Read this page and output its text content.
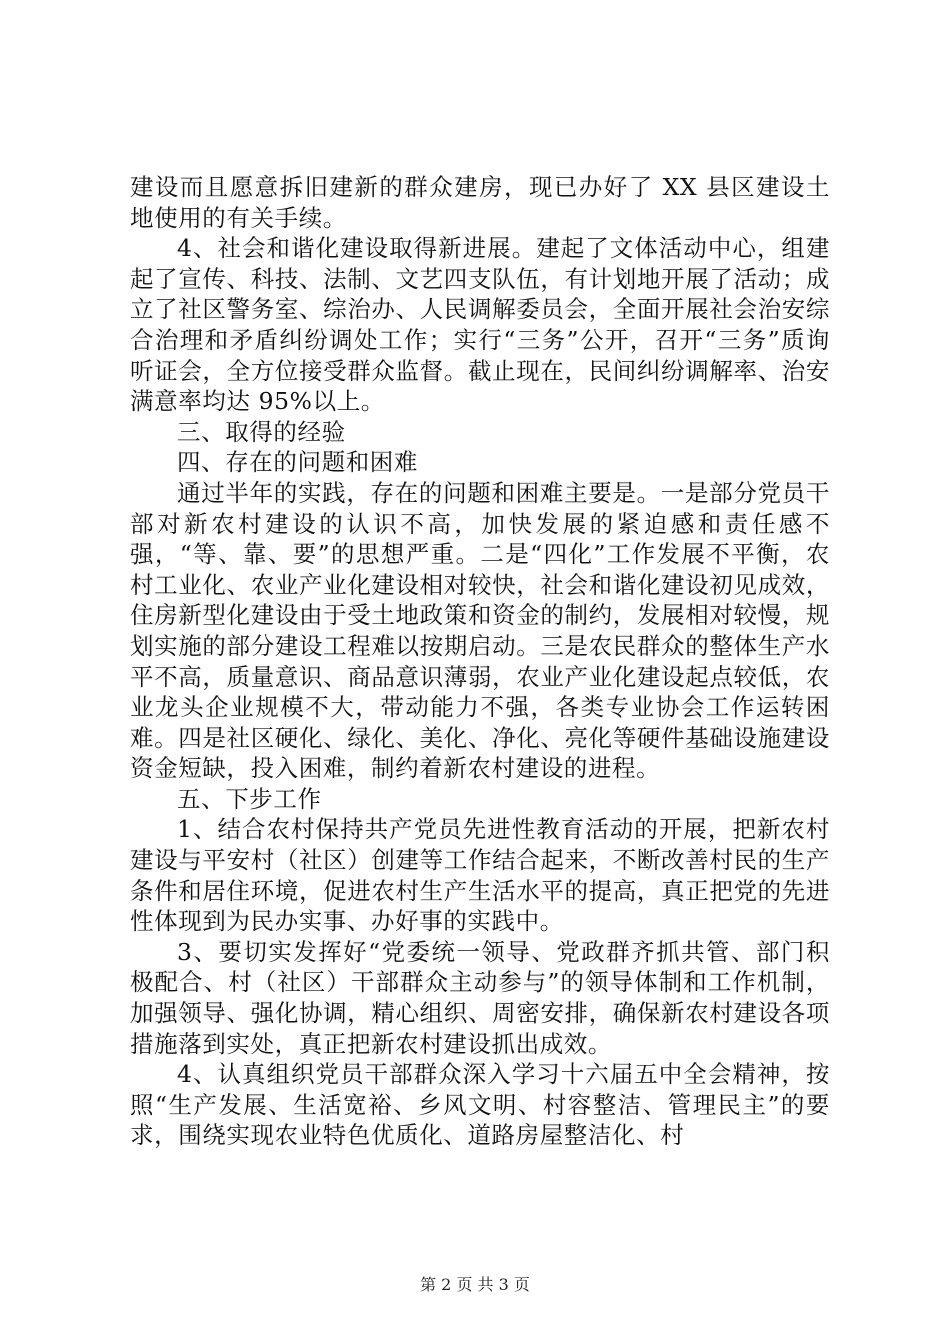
建设而且愿意拆旧建新的群众建房，现已办好了 XX 县区建设土地使用的有关手续。

4、社会和谐化建设取得新进展。建起了文体活动中心，组建起了宣传、科技、法制、文艺四支队伍，有计划地开展了活动；成立了社区警务室、综治办、人民调解委员会，全面开展社会治安综合治理和矛盾纠纷调处工作；实行“三务”公开，召开“三务”质询听证会，全方位接受群众监督。截止现在，民间纠纷调解率、治安满意率均达 95%以上。

三、取得的经验

四、存在的问题和困难

通过半年的实践，存在的问题和困难主要是。一是部分党员干部对新农村建设的认识不高，加快发展的紧迫感和责任感不强，“等、靠、要”的思想严重。二是“四化”工作发展不平衡，农村工业化、农业产业化建设相对较快，社会和谐化建设初见成效，住房新型化建设由于受土地政策和资金的制约，发展相对较慢，规划实施的部分建设工程难以按期启动。三是农民群众的整体生产水平不高，质量意识、商品意识薄弱，农业产业化建设起点较低，农业龙头企业规模不大，带动能力不强，各类专业协会工作运转困难。四是社区硬化、绿化、美化、净化、亮化等硬件基础设施建设资金短缺，投入困难，制约着新农村建设的进程。

五、下步工作

1、结合农村保持共产党员先进性教育活动的开展，把新农村建设与平安村（社区）创建等工作结合起来，不断改善村民的生产条件和居住环境，促进农村生产生活水平的提高，真正把党的先进性体现到为民办实事、办好事的实践中。

3、要切实发挥好“党委统一领导、党政群齐抓共管、部门积极配合、村（社区）干部群众主动参与”的领导体制和工作机制，加强领导、强化协调，精心组织、周密安排，确保新农村建设各项措施落到实处，真正把新农村建设抓出成效。

4、认真组织党员干部群众深入学习十六届五中全会精神，按照“生产发展、生活宽裕、乡风文明、村容整洁、管理民主”的要求，围绕实现农业特色优质化、道路房屋整洁化、村

第 2 页 共 3 页
